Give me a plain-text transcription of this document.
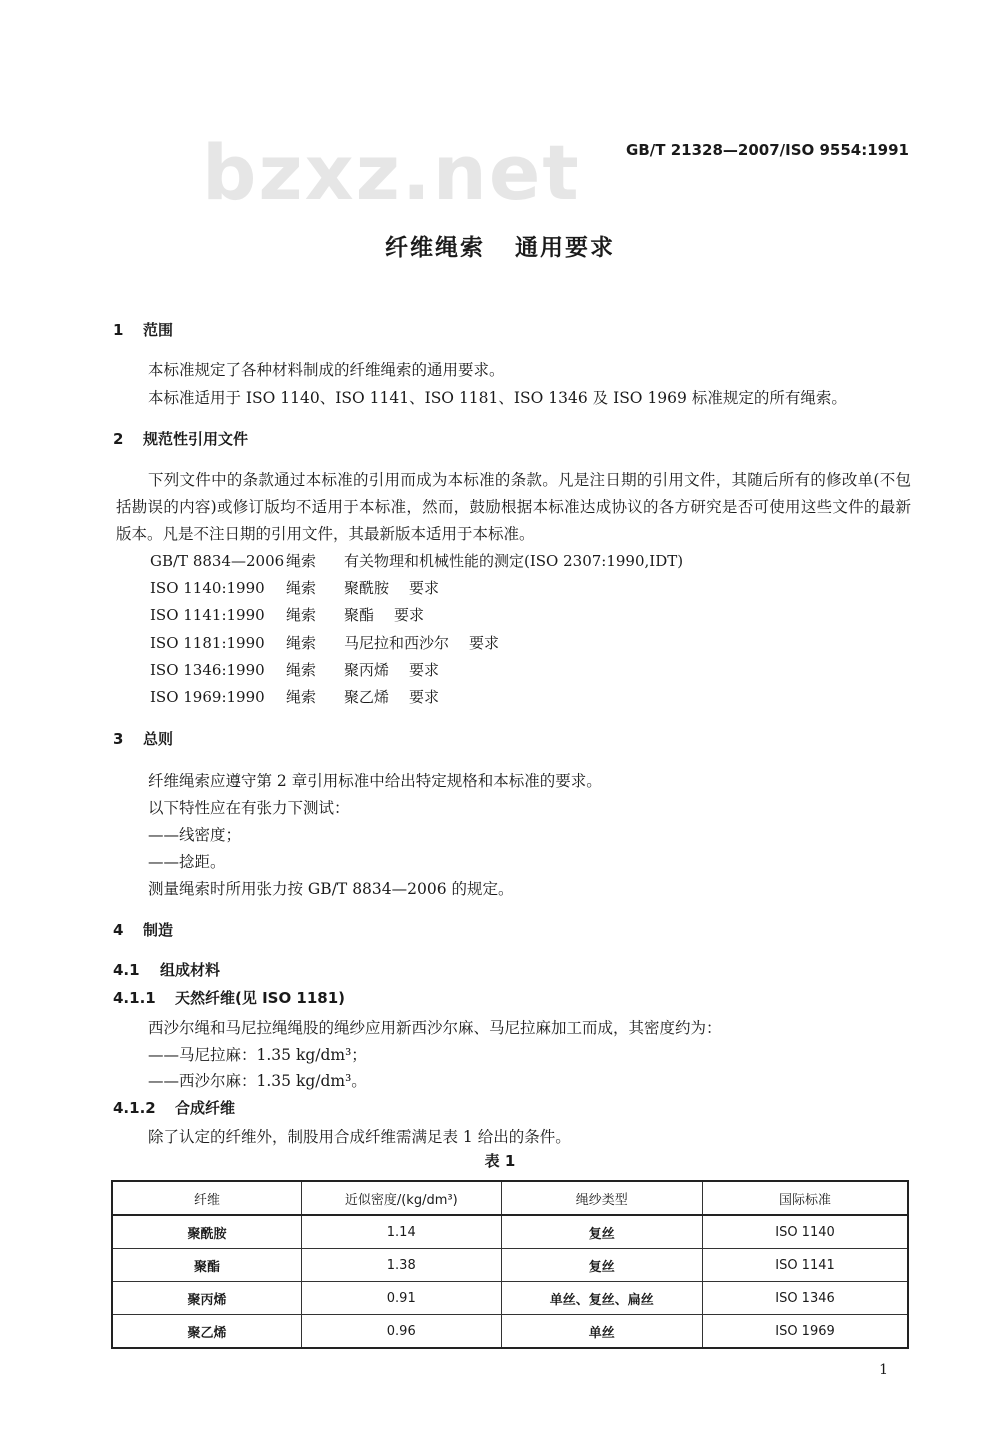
bzxz.net	GB/T 21328—2007/ISO 9554:1991
纤维绳索 通用要求
1 范围
本标准规定了各种材料制成的纤维绳索的通用要求。
本标准适用于 ISO 1140、ISO 1141、ISO 1181、ISO 1346 及 ISO 1969 标准规定的所有绳索。
2 规范性引用文件
下列文件中的条款通过本标准的引用而成为本标准的条款。凡是注日期的引用文件，其随后所有的修改单(不包括勘误的内容)或修订版均不适用于本标准，然而，鼓励根据本标准达成协议的各方研究是否可使用这些文件的最新版本。凡是不注日期的引用文件，其最新版本适用于本标准。
GB/T 8834—2006 绳索 有关物理和机械性能的测定(ISO 2307:1990,IDT)
ISO 1140:1990 绳索 聚酰胺 要求
ISO 1141:1990 绳索 聚酯 要求
ISO 1181:1990 绳索 马尼拉和西沙尔 要求
ISO 1346:1990 绳索 聚丙烯 要求
ISO 1969:1990 绳索 聚乙烯 要求
3 总则
纤维绳索应遵守第 2 章引用标准中给出特定规格和本标准的要求。
以下特性应在有张力下测试：
——线密度；
——捻距。
测量绳索时所用张力按 GB/T 8834—2006 的规定。
4 制造
4.1 组成材料
4.1.1 天然纤维(见 ISO 1181)
西沙尔绳和马尼拉绳绳股的绳纱应用新西沙尔麻、马尼拉麻加工而成，其密度约为：
——马尼拉麻：1.35 kg/dm³；
——西沙尔麻：1.35 kg/dm³。
4.1.2 合成纤维
除了认定的纤维外，制股用合成纤维需满足表 1 给出的条件。
表 1
纤维	近似密度/(kg/dm³)	绳纱类型	国际标准
聚酰胺	1.14	复丝	ISO 1140
聚酯	1.38	复丝	ISO 1141
聚丙烯	0.91	单丝、复丝、扁丝	ISO 1346
聚乙烯	0.96	单丝	ISO 1969
1
